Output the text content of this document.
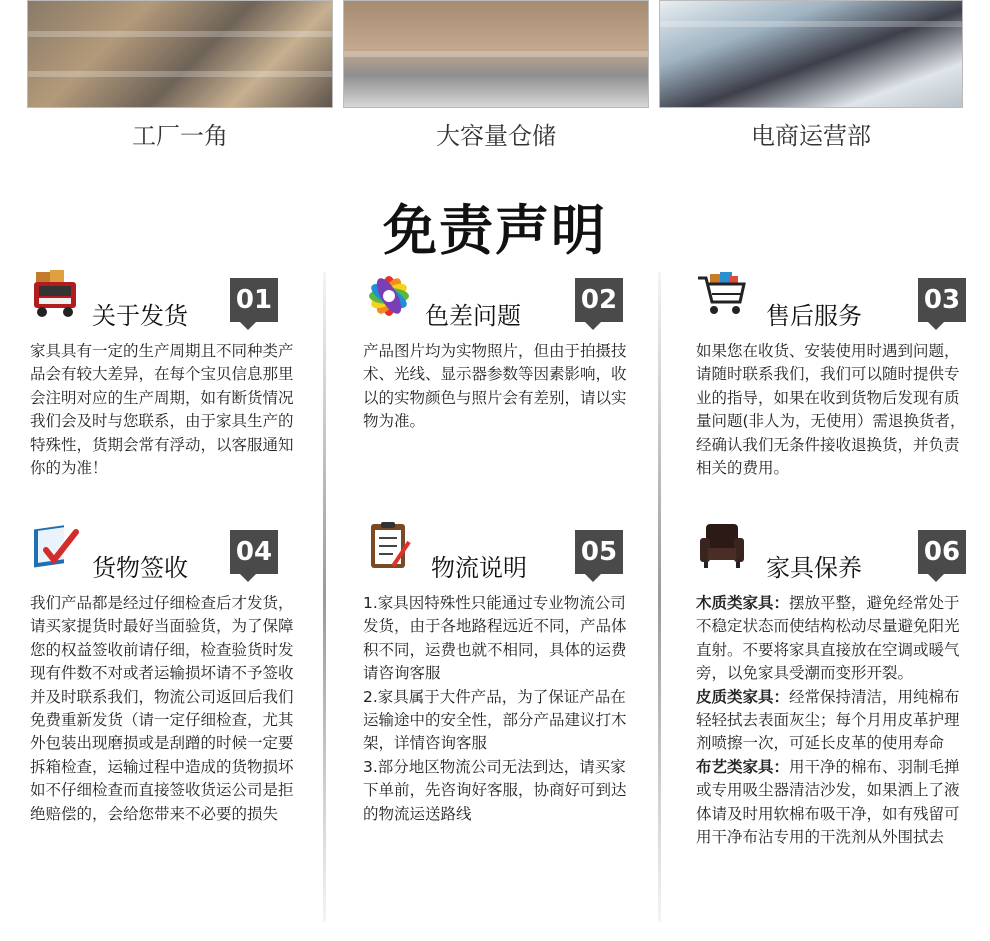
工厂一角	大容量仓储	电商运营部
免责声明
关于发货
01

家具具有一定的生产周期且不同种类产品会有较大差异，在每个宝贝信息那里会注明对应的生产周期，如有断货情况我们会及时与您联系，由于家具生产的特殊性，货期会常有浮动，以客服通知你的为准！

色差问题
02

产品图片均为实物照片，但由于拍摄技术、光线、显示器参数等因素影响，收以的实物颜色与照片会有差别，请以实物为准。

售后服务
03

如果您在收货、安装使用时遇到问题，请随时联系我们，我们可以随时提供专业的指导，如果在收到货物后发现有质量问题(非人为，无使用）需退换货者，经确认我们无条件接收退换货，并负责相关的费用。

货物签收
04

我们产品都是经过仔细检查后才发货，请买家提货时最好当面验货，为了保障您的权益签收前请仔细，检查验货时发现有件数不对或者运输损坏请不予签收并及时联系我们，物流公司返回后我们免费重新发货（请一定仔细检查，尤其外包装出现磨损或是刮蹭的时候一定要拆箱检查，运输过程中造成的货物损坏如不仔细检查而直接签收货运公司是拒绝赔偿的，会给您带来不必要的损失

物流说明
05

1.家具因特殊性只能通过专业物流公司发货，由于各地路程远近不同，产品体积不同，运费也就不相同，具体的运费请咨询客服

2.家具属于大件产品，为了保证产品在运输途中的安全性，部分产品建议打木架，详情咨询客服

3.部分地区物流公司无法到达，请买家下单前，先咨询好客服，协商好可到达的物流运送路线

家具保养
06

木质类家具：摆放平整，避免经常处于不稳定状态而使结构松动尽量避免阳光直射。不要将家具直接放在空调或暖气旁，以免家具受潮而变形开裂。

皮质类家具：经常保持清洁，用纯棉布轻轻拭去表面灰尘；每个月用皮革护理剂喷擦一次，可延长皮革的使用寿命

布艺类家具：用干净的棉布、羽制毛掸或专用吸尘器清洁沙发，如果洒上了液体请及时用软棉布吸干净，如有残留可用干净布沾专用的干洗剂从外围拭去
